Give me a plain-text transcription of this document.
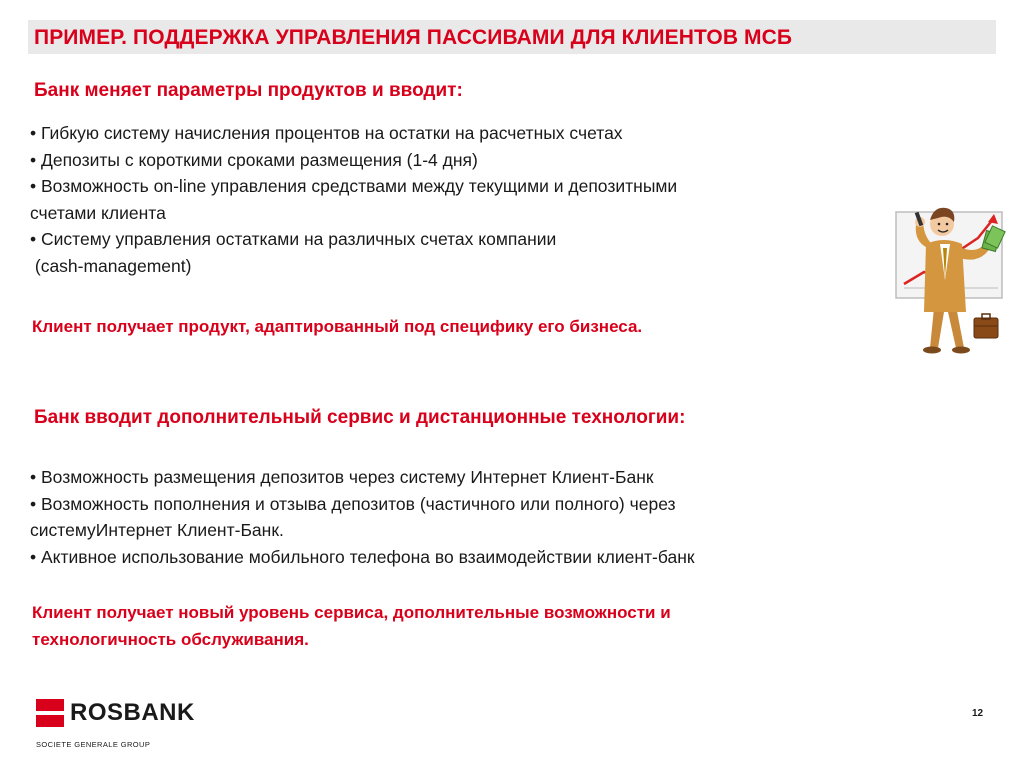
ПРИМЕР. ПОДДЕРЖКА УПРАВЛЕНИЯ ПАССИВАМИ ДЛЯ КЛИЕНТОВ МСБ
Банк меняет параметры продуктов и вводит:
• Гибкую систему начисления процентов на остатки на расчетных счетах
• Депозиты с короткими сроками размещения (1-4 дня)
• Возможность on-line управления средствами между текущими и депозитными
счетами клиента
• Систему управления остатками на различных счетах компании
(cash-management)
Клиент получает продукт, адаптированный под специфику его бизнеса.
Банк вводит дополнительный сервис и дистанционные технологии:
• Возможность размещения депозитов через систему Интернет Клиент-Банк
• Возможность пополнения и отзыва депозитов (частичного или полного) через
системуИнтернет Клиент-Банк.
• Активное использование мобильного телефона во взаимодействии клиент-банк
Клиент получает новый уровень сервиса, дополнительные возможности и
технологичность обслуживания.
ROSBANK
SOCIETE GENERALE GROUP
12
